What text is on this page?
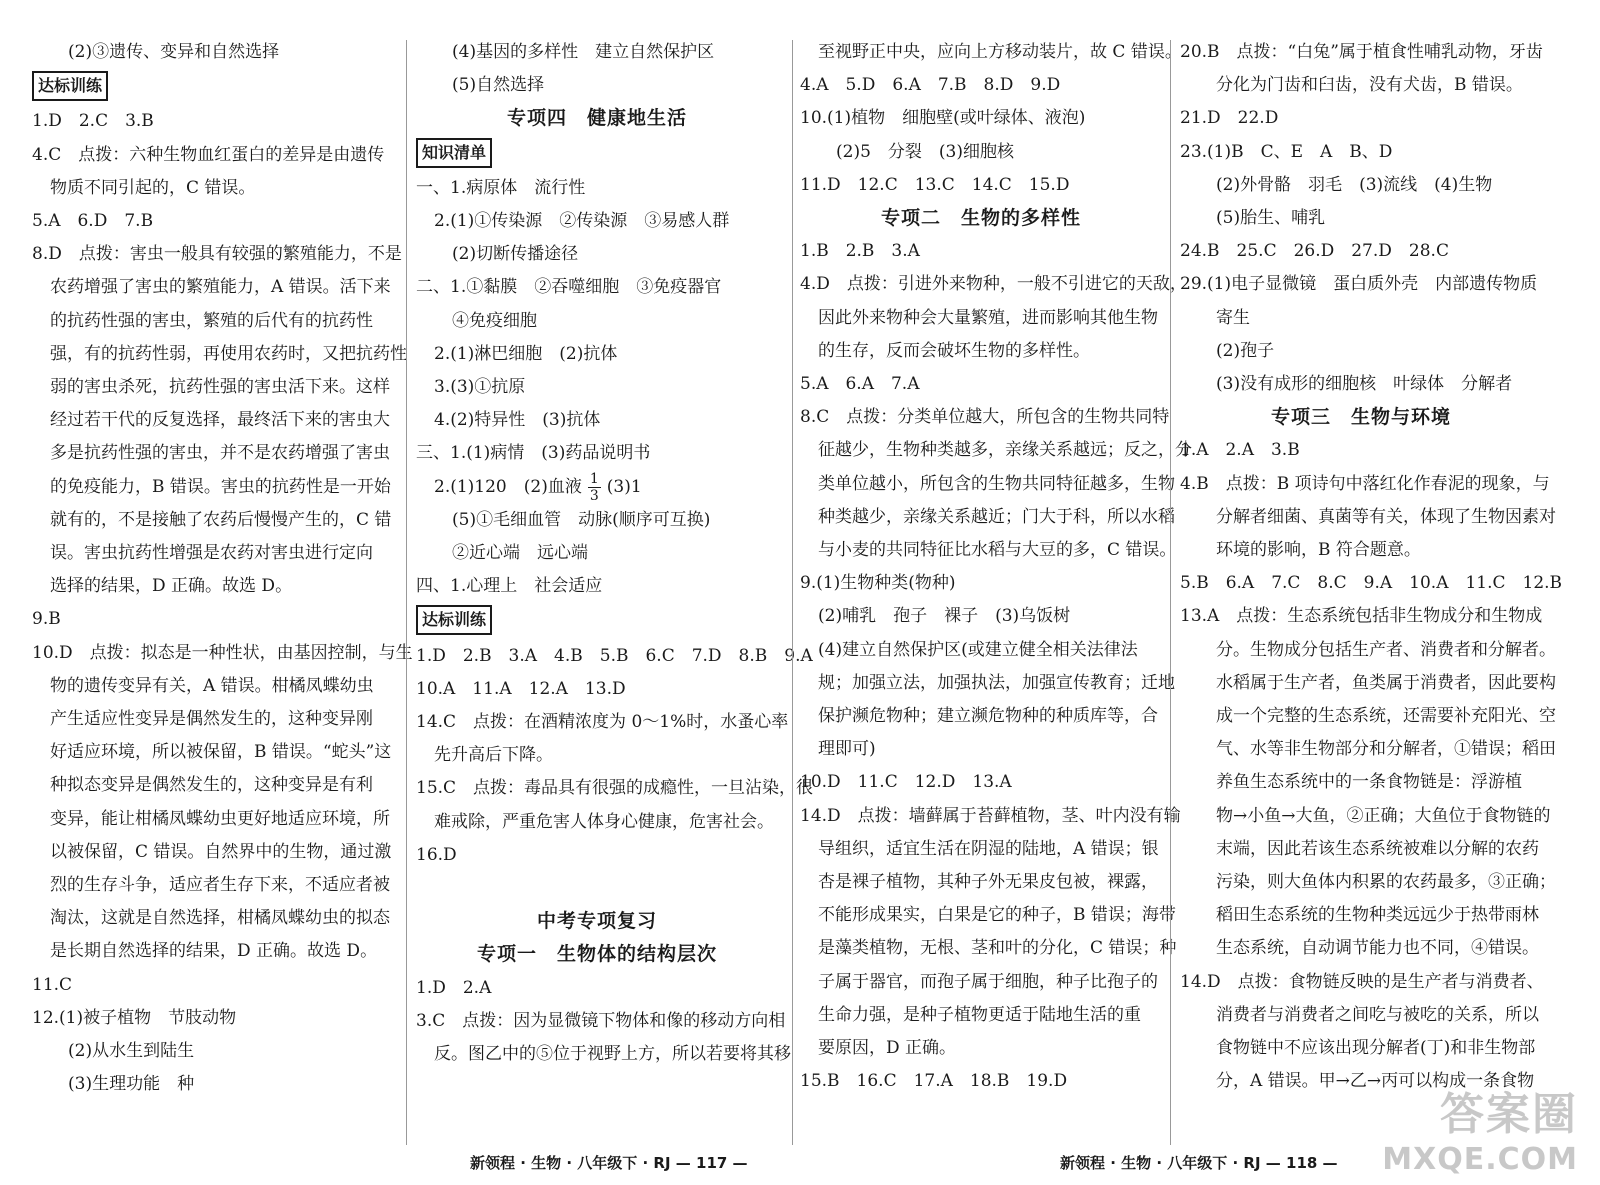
(2)③遗传、变异和自然选择

达标训练

1.D　2.C　3.B

4.C　点拨：六种生物血红蛋白的差异是由遗传

物质不同引起的，C 错误。

5.A　6.D　7.B

8.D　点拨：害虫一般具有较强的繁殖能力，不是

农药增强了害虫的繁殖能力，A 错误。活下来

的抗药性强的害虫，繁殖的后代有的抗药性

强，有的抗药性弱，再使用农药时，又把抗药性

弱的害虫杀死，抗药性强的害虫活下来。这样

经过若干代的反复选择，最终活下来的害虫大

多是抗药性强的害虫，并不是农药增强了害虫

的免疫能力，B 错误。害虫的抗药性是一开始

就有的，不是接触了农药后慢慢产生的，C 错

误。害虫抗药性增强是农药对害虫进行定向

选择的结果，D 正确。故选 D。

9.B

10.D　点拨：拟态是一种性状，由基因控制，与生

物的遗传变异有关，A 错误。柑橘凤蝶幼虫

产生适应性变异是偶然发生的，这种变异刚

好适应环境，所以被保留，B 错误。“蛇头”这

种拟态变异是偶然发生的，这种变异是有利

变异，能让柑橘凤蝶幼虫更好地适应环境，所

以被保留，C 错误。自然界中的生物，通过激

烈的生存斗争，适应者生存下来，不适应者被

淘汰，这就是自然选择，柑橘凤蝶幼虫的拟态

是长期自然选择的结果，D 正确。故选 D。

11.C

12.(1)被子植物　节肢动物

(2)从水生到陆生

(3)生理功能　种

(4)基因的多样性　建立自然保护区

(5)自然选择

专项四　健康地生活

知识清单

一、1.病原体　流行性

2.(1)①传染源　②传染源　③易感人群

(2)切断传播途径

二、1.①黏膜　②吞噬细胞　③免疫器官

④免疫细胞

2.(1)淋巴细胞　(2)抗体

3.(3)①抗原

4.(2)特异性　(3)抗体

三、1.(1)病情　(3)药品说明书

2.(1)120　(2)血液 $\frac{1}{3} (3)1$

(5)①毛细血管　动脉(顺序可互换)

②近心端　远心端

四、1.心理上　社会适应

达标训练

1.D　2.B　3.A　4.B　5.B　6.C　7.D　8.B　9.A

10.A　11.A　12.A　13.D

14.C　点拨：在酒精浓度为 0～1%时，水蚤心率

先升高后下降。

15.C　点拨：毒品具有很强的成瘾性，一旦沾染，很

难戒除，严重危害人体身心健康，危害社会。

16.D

中考专项复习

专项一　生物体的结构层次

1.D　2.A

3.C　点拨：因为显微镜下物体和像的移动方向相

反。图乙中的⑤位于视野上方，所以若要将其移

至视野正中央，应向上方移动装片，故 C 错误。

4.A　5.D　6.A　7.B　8.D　9.D

10.(1)植物　细胞壁(或叶绿体、液泡)

(2)5　分裂　(3)细胞核

11.D　12.C　13.C　14.C　15.D

专项二　生物的多样性

1.B　2.B　3.A

4.D　点拨：引进外来物种，一般不引进它的天敌，

因此外来物种会大量繁殖，进而影响其他生物

的生存，反而会破坏生物的多样性。

5.A　6.A　7.A

8.C　点拨：分类单位越大，所包含的生物共同特

征越少，生物种类越多，亲缘关系越远；反之，分

类单位越小，所包含的生物共同特征越多，生物

种类越少，亲缘关系越近；门大于科，所以水稻

与小麦的共同特征比水稻与大豆的多，C 错误。

9.(1)生物种类(物种)

(2)哺乳　孢子　裸子　(3)乌饭树

(4)建立自然保护区(或建立健全相关法律法

规；加强立法，加强执法，加强宣传教育；迁地

保护濒危物种；建立濒危物种的种质库等，合

理即可)

10.D　11.C　12.D　13.A

14.D　点拨：墙藓属于苔藓植物，茎、叶内没有输

导组织，适宜生活在阴湿的陆地，A 错误；银

杏是裸子植物，其种子外无果皮包被，裸露，

不能形成果实，白果是它的种子，B 错误；海带

是藻类植物，无根、茎和叶的分化，C 错误；种

子属于器官，而孢子属于细胞，种子比孢子的

生命力强，是种子植物更适于陆地生活的重

要原因，D 正确。

15.B　16.C　17.A　18.B　19.D

20.B　点拨：“白兔”属于植食性哺乳动物，牙齿

分化为门齿和臼齿，没有犬齿，B 错误。

21.D　22.D

23.(1)B　C、E　A　B、D

(2)外骨骼　羽毛　(3)流线　(4)生物

(5)胎生、哺乳

24.B　25.C　26.D　27.D　28.C

29.(1)电子显微镜　蛋白质外壳　内部遗传物质

寄生

(2)孢子

(3)没有成形的细胞核　叶绿体　分解者

专项三　生物与环境

1.A　2.A　3.B

4.B　点拨：B 项诗句中落红化作春泥的现象，与

分解者细菌、真菌等有关，体现了生物因素对

环境的影响，B 符合题意。

5.B　6.A　7.C　8.C　9.A　10.A　11.C　12.B

13.A　点拨：生态系统包括非生物成分和生物成

分。生物成分包括生产者、消费者和分解者。

水稻属于生产者，鱼类属于消费者，因此要构

成一个完整的生态系统，还需要补充阳光、空

气、水等非生物部分和分解者，①错误；稻田

养鱼生态系统中的一条食物链是：浮游植

物→小鱼→大鱼，②正确；大鱼位于食物链的

末端，因此若该生态系统被难以分解的农药

污染，则大鱼体内积累的农药最多，③正确；

稻田生态系统的生物种类远远少于热带雨林

生态系统，自动调节能力也不同，④错误。

14.D　点拨：食物链反映的是生产者与消费者、

消费者与消费者之间吃与被吃的关系，所以

食物链中不应该出现分解者(丁)和非生物部

分，A 错误。甲→乙→丙可以构成一条食物

新领程 · 生物 · 八年级下 · RJ — 117 —	新领程 · 生物 · 八年级下 · RJ — 118 —
答案圈
MXQE.COM
